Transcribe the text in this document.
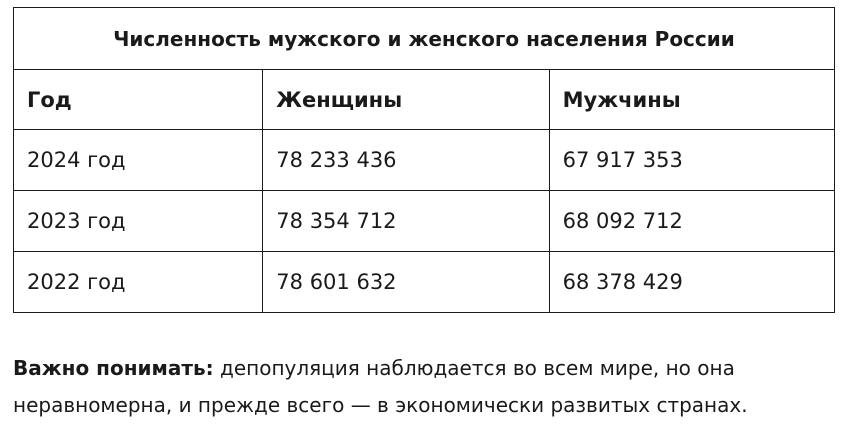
Численность мужского и женского населения России		
Год	Женщины	Мужчины
2024 год	78 233 436	67 917 353
2023 год	78 354 712	68 092 712
2022 год	78 601 632	68 378 429

Важно понимать: депопуляция наблюдается во всем мире, но она неравномерна, и прежде всего — в экономически развитых странах.
